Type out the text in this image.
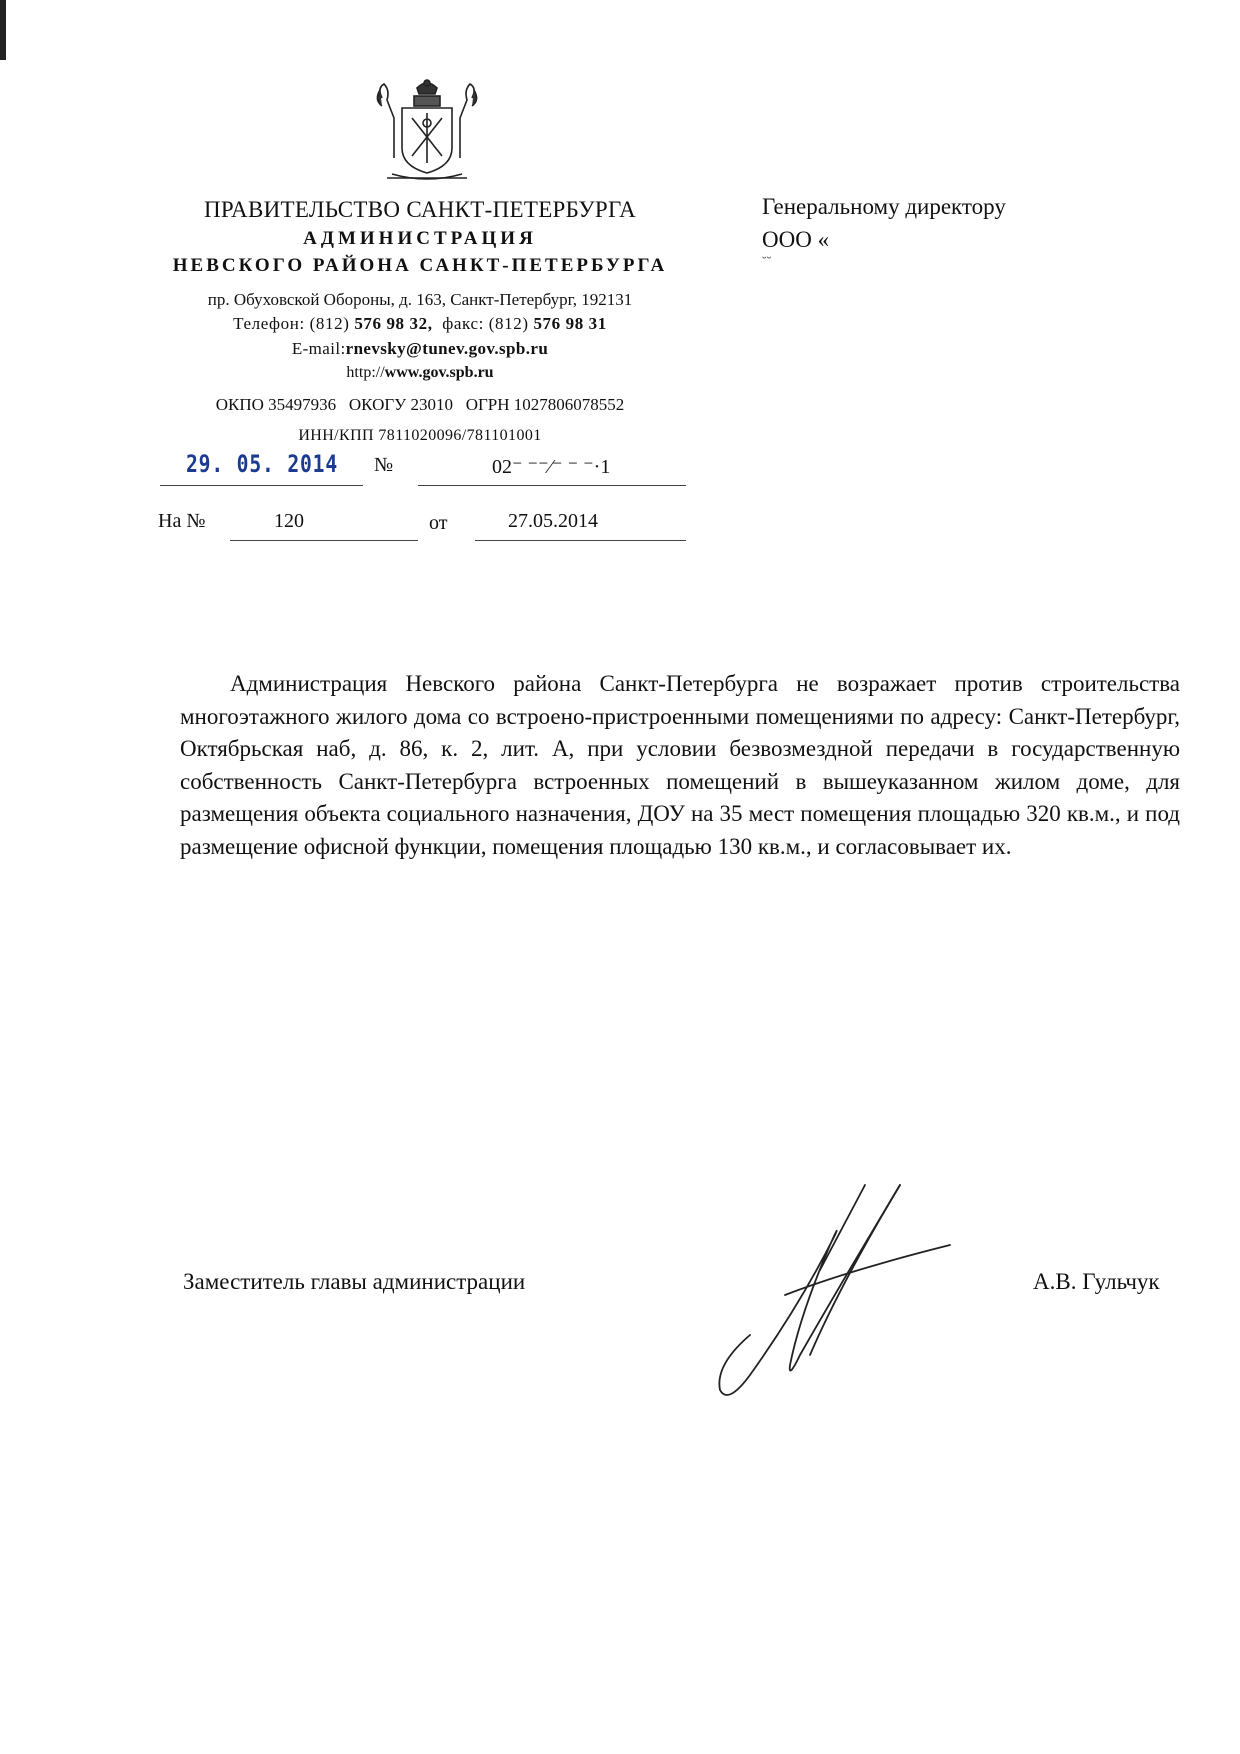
ПРАВИТЕЛЬСТВО САНКТ-ПЕТЕРБУРГА
АДМИНИСТРАЦИЯ
НЕВСКОГО РАЙОНА САНКТ-ПЕТЕРБУРГА
пр. Обуховской Обороны, д. 163, Санкт-Петербург, 192131
Телефон: (812) 576 98 32,  факс: (812) 576 98 31
E-mail:rnevsky@tunev.gov.spb.ru
http://www.gov.spb.ru
ОКПО 35497936   ОКОГУ 23010   ОГРН 1027806078552
ИНН/КПП 7811020096/781101001
29. 05. 2014 №	02⁻ ⁻⁻⁄⁻ ⁻ ⁻·1
На №	120	от	27.05.2014
Генеральному директору
ООО «
˘˘
Администрация Невского района Санкт-Петербурга не возражает против строительства многоэтажного жилого дома со встроено-пристроенными помещениями по адресу: Санкт-Петербург, Октябрьская наб, д. 86, к. 2, лит. А, при условии безвозмездной передачи в государственную собственность Санкт-Петербурга встроенных помещений в вышеуказанном жилом доме, для размещения объекта социального назначения, ДОУ на 35 мест помещения площадью 320 кв.м., и под размещение офисной функции, помещения площадью 130 кв.м., и согласовывает их.
Заместитель главы администрации	А.В. Гульчук
